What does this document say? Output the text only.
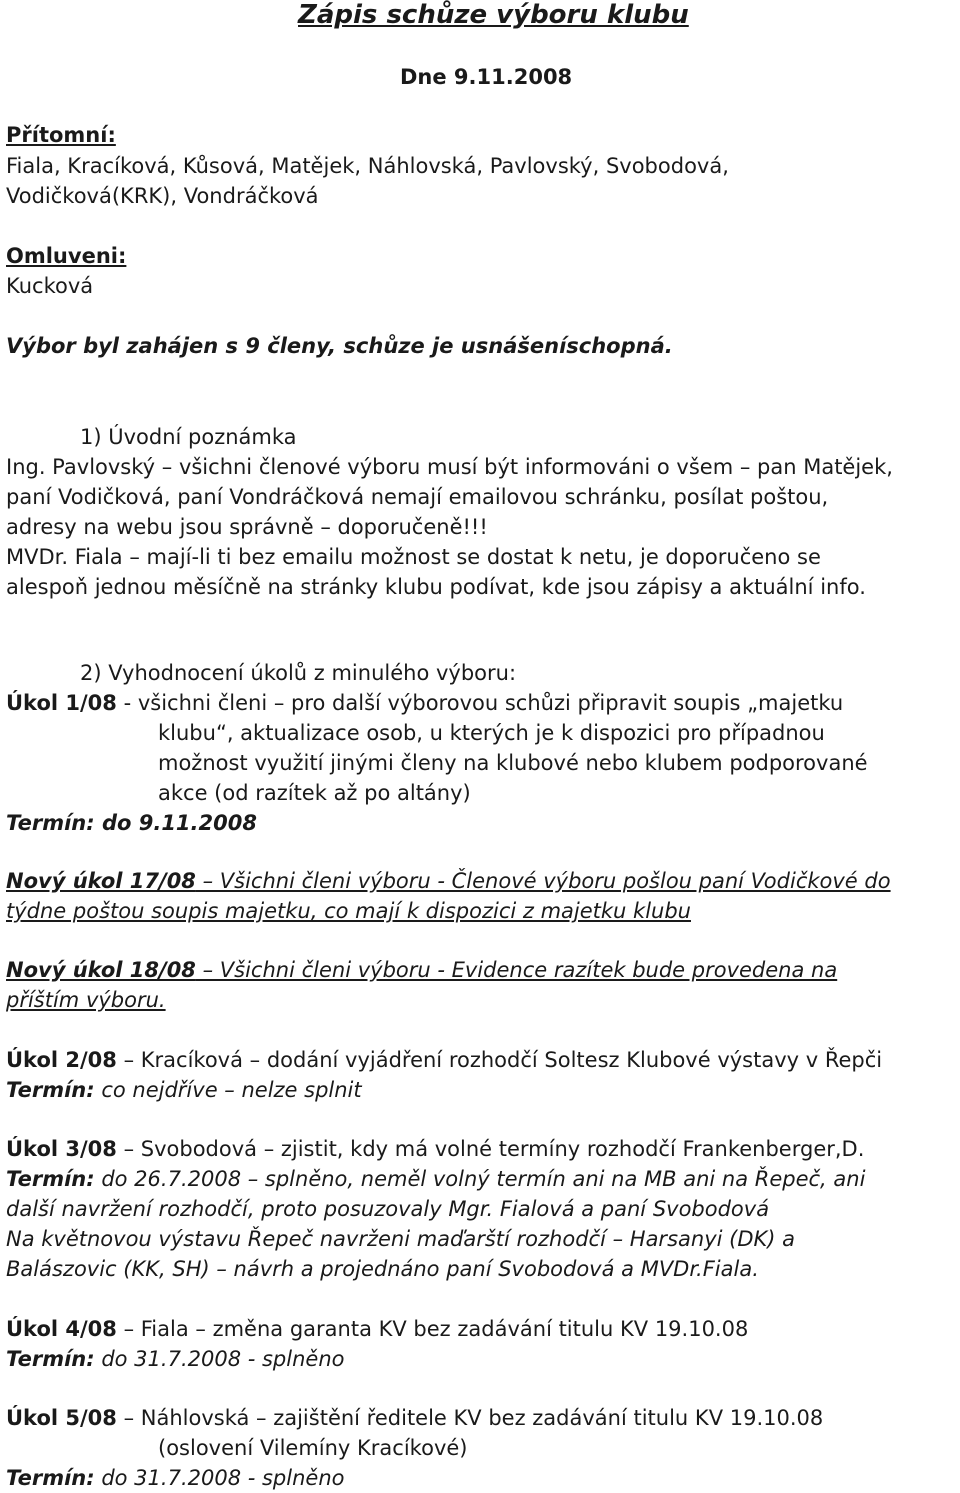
Zápis schůze výboru klubu
Dne 9.11.2008
Přítomní:
Fiala, Kracíková, Kůsová, Matějek, Náhlovská, Pavlovský, Svobodová,
Vodičková(KRK), Vondráčková
Omluveni:
Kucková
Výbor byl zahájen s 9 členy, schůze je usnášeníschopná.
1) Úvodní poznámka
Ing. Pavlovský – všichni členové výboru musí být informováni o všem – pan Matějek,
paní Vodičková, paní Vondráčková nemají emailovou schránku, posílat poštou,
adresy na webu jsou správně – doporučeně!!!
MVDr. Fiala – mají-li ti bez emailu možnost se dostat k netu, je doporučeno se
alespoň jednou měsíčně na stránky klubu podívat, kde jsou zápisy a aktuální info.
2) Vyhodnocení úkolů z minulého výboru:
Úkol 1/08 - všichni členi – pro další výborovou schůzi připravit soupis „majetku
klubu“, aktualizace osob, u kterých je k dispozici pro případnou
možnost využití jinými členy na klubové nebo klubem podporované
akce (od razítek až po altány)
Termín: do 9.11.2008
Nový úkol 17/08 – Všichni členi výboru - Členové výboru pošlou paní Vodičkové do
týdne poštou soupis majetku, co mají k dispozici z majetku klubu
Nový úkol 18/08 – Všichni členi výboru - Evidence razítek bude provedena na
příštím výboru.
Úkol 2/08 – Kracíková – dodání vyjádření rozhodčí Soltesz Klubové výstavy v Řepči
Termín: co nejdříve – nelze splnit
Úkol 3/08 – Svobodová – zjistit, kdy má volné termíny rozhodčí Frankenberger,D.
Termín: do 26.7.2008 – splněno, neměl volný termín ani na MB ani na Řepeč, ani
další navržení rozhodčí, proto posuzovaly Mgr. Fialová a paní Svobodová
Na květnovou výstavu Řepeč navrženi maďarští rozhodčí – Harsanyi (DK) a
Balászovic (KK, SH) – návrh a projednáno paní Svobodová a MVDr.Fiala.
Úkol 4/08 – Fiala – změna garanta KV bez zadávání titulu KV 19.10.08
Termín: do 31.7.2008 - splněno
Úkol 5/08 – Náhlovská – zajištění ředitele KV bez zadávání titulu KV 19.10.08
(oslovení Vilemíny Kracíkové)
Termín: do 31.7.2008 - splněno
